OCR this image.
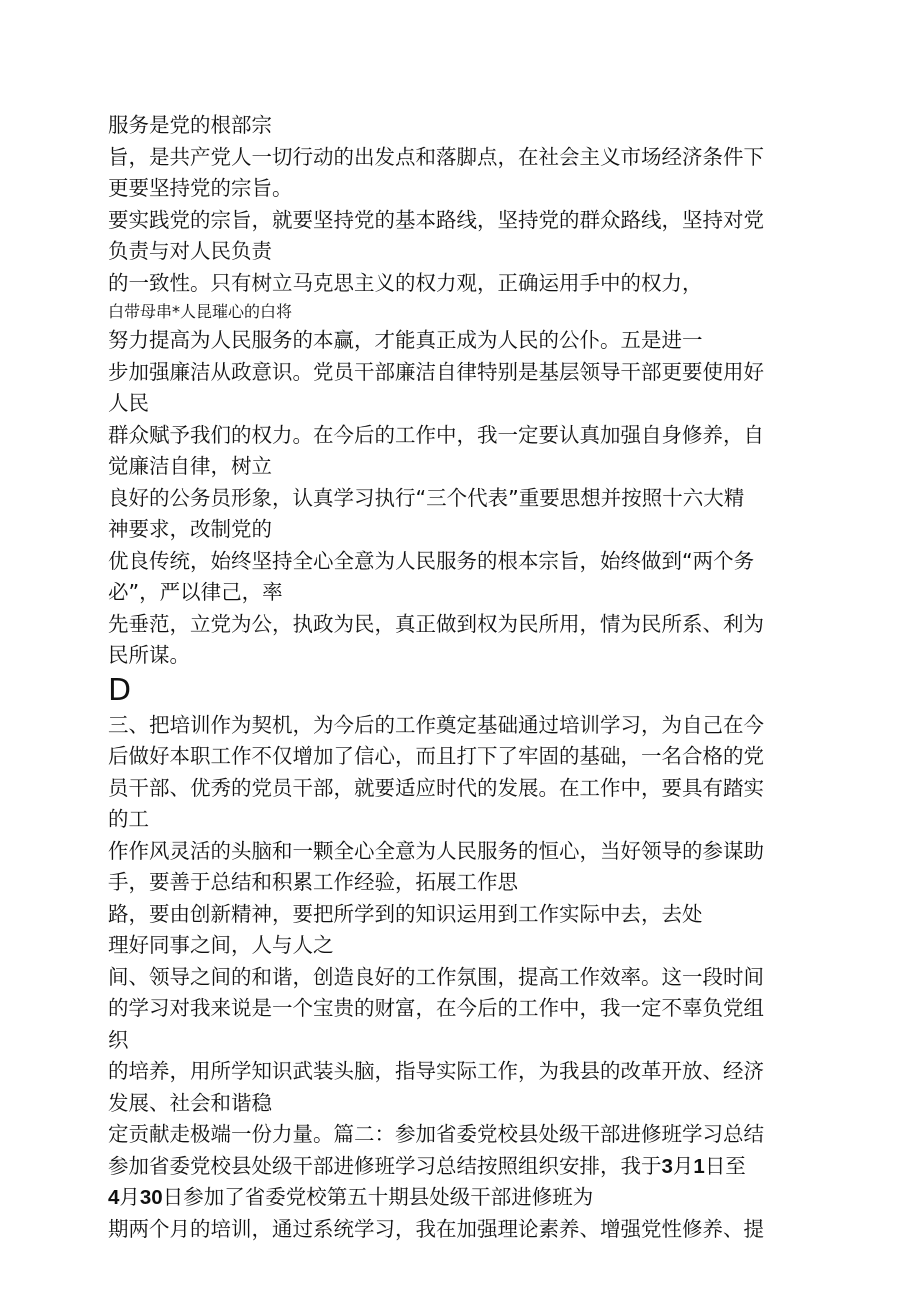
服务是党的根部宗
旨，是共产党人一切行动的出发点和落脚点，在社会主义市场经济条件下
更要坚持党的宗旨。
要实践党的宗旨，就要坚持党的基本路线，坚持党的群众路线，坚持对党
负责与对人民负责
的一致性。只有树立马克思主义的权力观，正确运用手中的权力，
白带母串*人昆璀心的白将
努力提高为人民服务的本赢，才能真正成为人民的公仆。五是进一
步加强廉洁从政意识。党员干部廉洁自律特别是基层领导干部更要使用好
人民
群众赋予我们的权力。在今后的工作中，我一定要认真加强自身修养，自
觉廉洁自律，树立
良好的公务员形象，认真学习执行“三个代表”重要思想并按照十六大精
神要求，改制党的
优良传统，始终坚持全心全意为人民服务的根本宗旨，始终做到“两个务
必”，严以律己，率
先垂范，立党为公，执政为民，真正做到权为民所用，情为民所系、利为
民所谋。
D
三、把培训作为契机，为今后的工作奠定基础通过培训学习，为自己在今
后做好本职工作不仅增加了信心，而且打下了牢固的基础，一名合格的党
员干部、优秀的党员干部，就要适应时代的发展。在工作中，要具有踏实
的工
作作风灵活的头脑和一颗全心全意为人民服务的恒心，当好领导的参谋助
手，要善于总结和积累工作经验，拓展工作思
路，要由创新精神，要把所学到的知识运用到工作实际中去，去处
理好同事之间，人与人之
间、领导之间的和谐，创造良好的工作氛围，提高工作效率。这一段时间
的学习对我来说是一个宝贵的财富，在今后的工作中，我一定不辜负党组
织
的培养，用所学知识武装头脑，指导实际工作，为我县的改革开放、经济
发展、社会和谐稳
定贡献走极端一份力量。篇二：参加省委党校县处级干部进修班学习总结
参加省委党校县处级干部进修班学习总结按照组织安排，我于3月1日至
4月30日参加了省委党校第五十期县处级干部进修班为
期两个月的培训，通过系统学习，我在加强理论素养、增强党性修养、提
